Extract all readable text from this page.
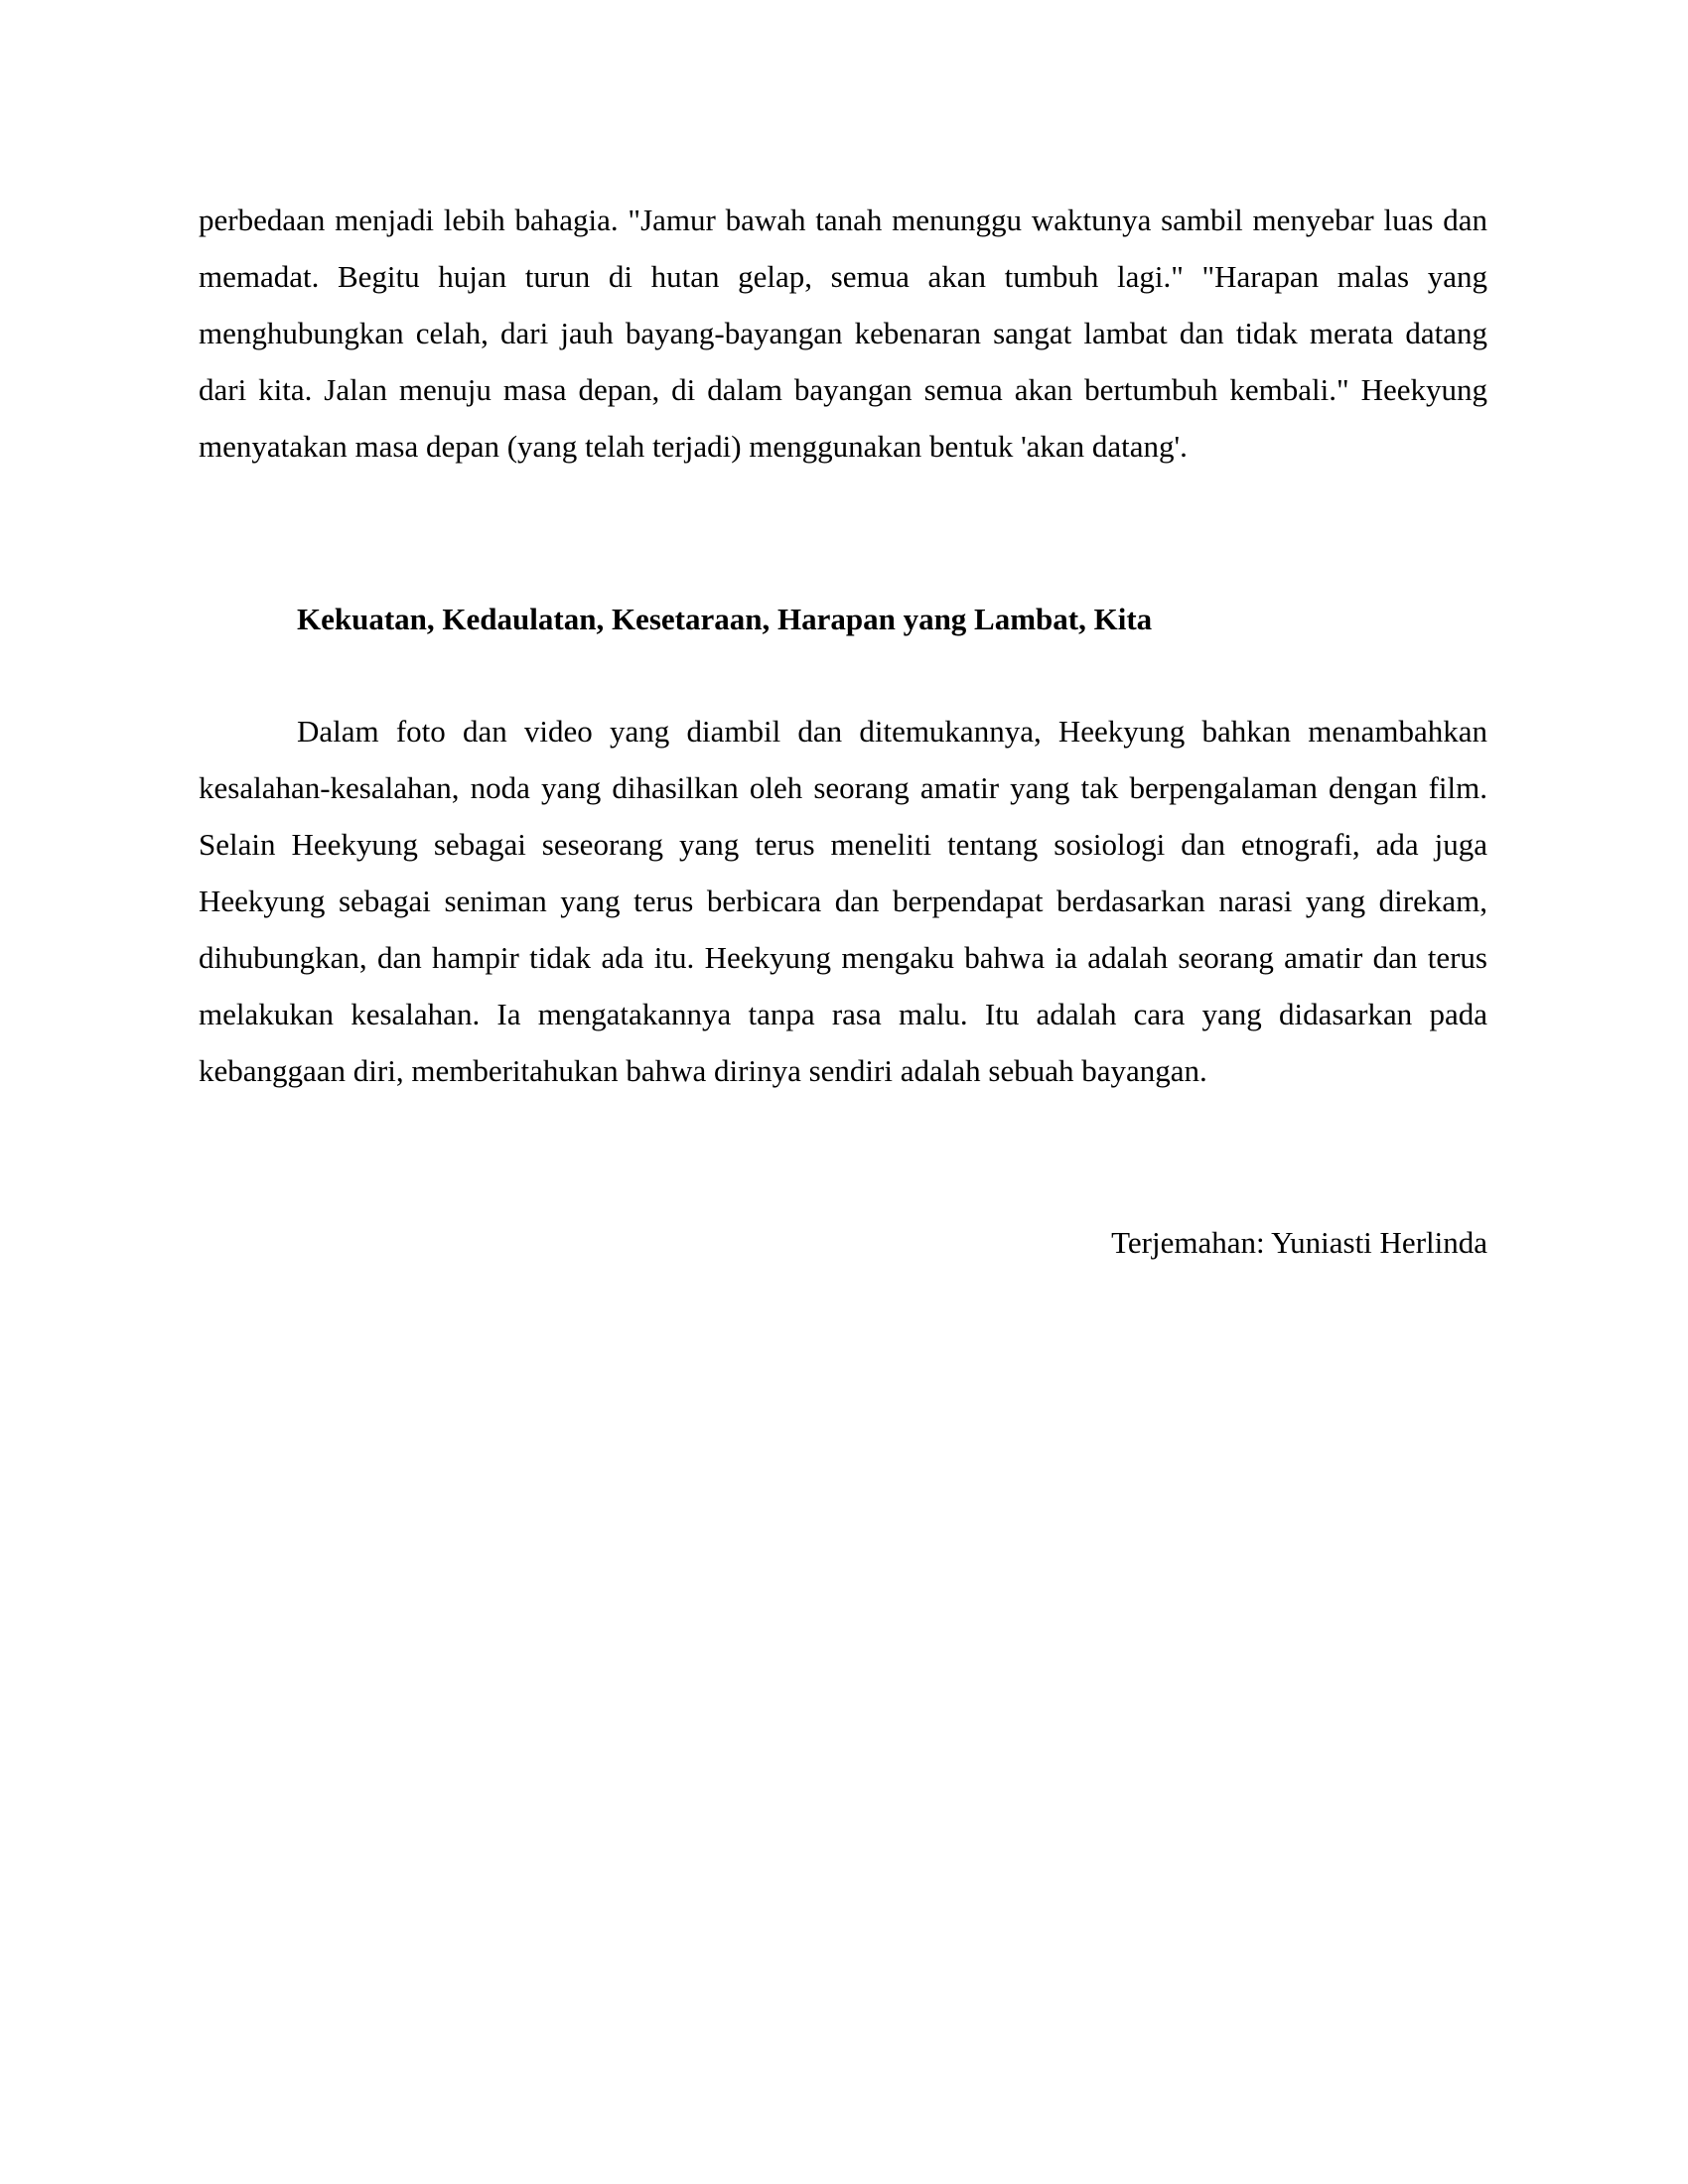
perbedaan menjadi lebih bahagia. "Jamur bawah tanah menunggu waktunya sambil menyebar luas dan memadat. Begitu hujan turun di hutan gelap, semua akan tumbuh lagi." "Harapan malas yang menghubungkan celah, dari jauh bayang-bayangan kebenaran sangat lambat dan tidak merata datang dari kita. Jalan menuju masa depan, di dalam bayangan semua akan bertumbuh kembali." Heekyung menyatakan masa depan (yang telah terjadi) menggunakan bentuk 'akan datang'.

Kekuatan, Kedaulatan, Kesetaraan, Harapan yang Lambat, Kita

Dalam foto dan video yang diambil dan ditemukannya, Heekyung bahkan menambahkan kesalahan-kesalahan, noda yang dihasilkan oleh seorang amatir yang tak berpengalaman dengan film. Selain Heekyung sebagai seseorang yang terus meneliti tentang sosiologi dan etnografi, ada juga Heekyung sebagai seniman yang terus berbicara dan berpendapat berdasarkan narasi yang direkam, dihubungkan, dan hampir tidak ada itu. Heekyung mengaku bahwa ia adalah seorang amatir dan terus melakukan kesalahan. Ia mengatakannya tanpa rasa malu. Itu adalah cara yang didasarkan pada kebanggaan diri, memberitahukan bahwa dirinya sendiri adalah sebuah bayangan.

Terjemahan: Yuniasti Herlinda
